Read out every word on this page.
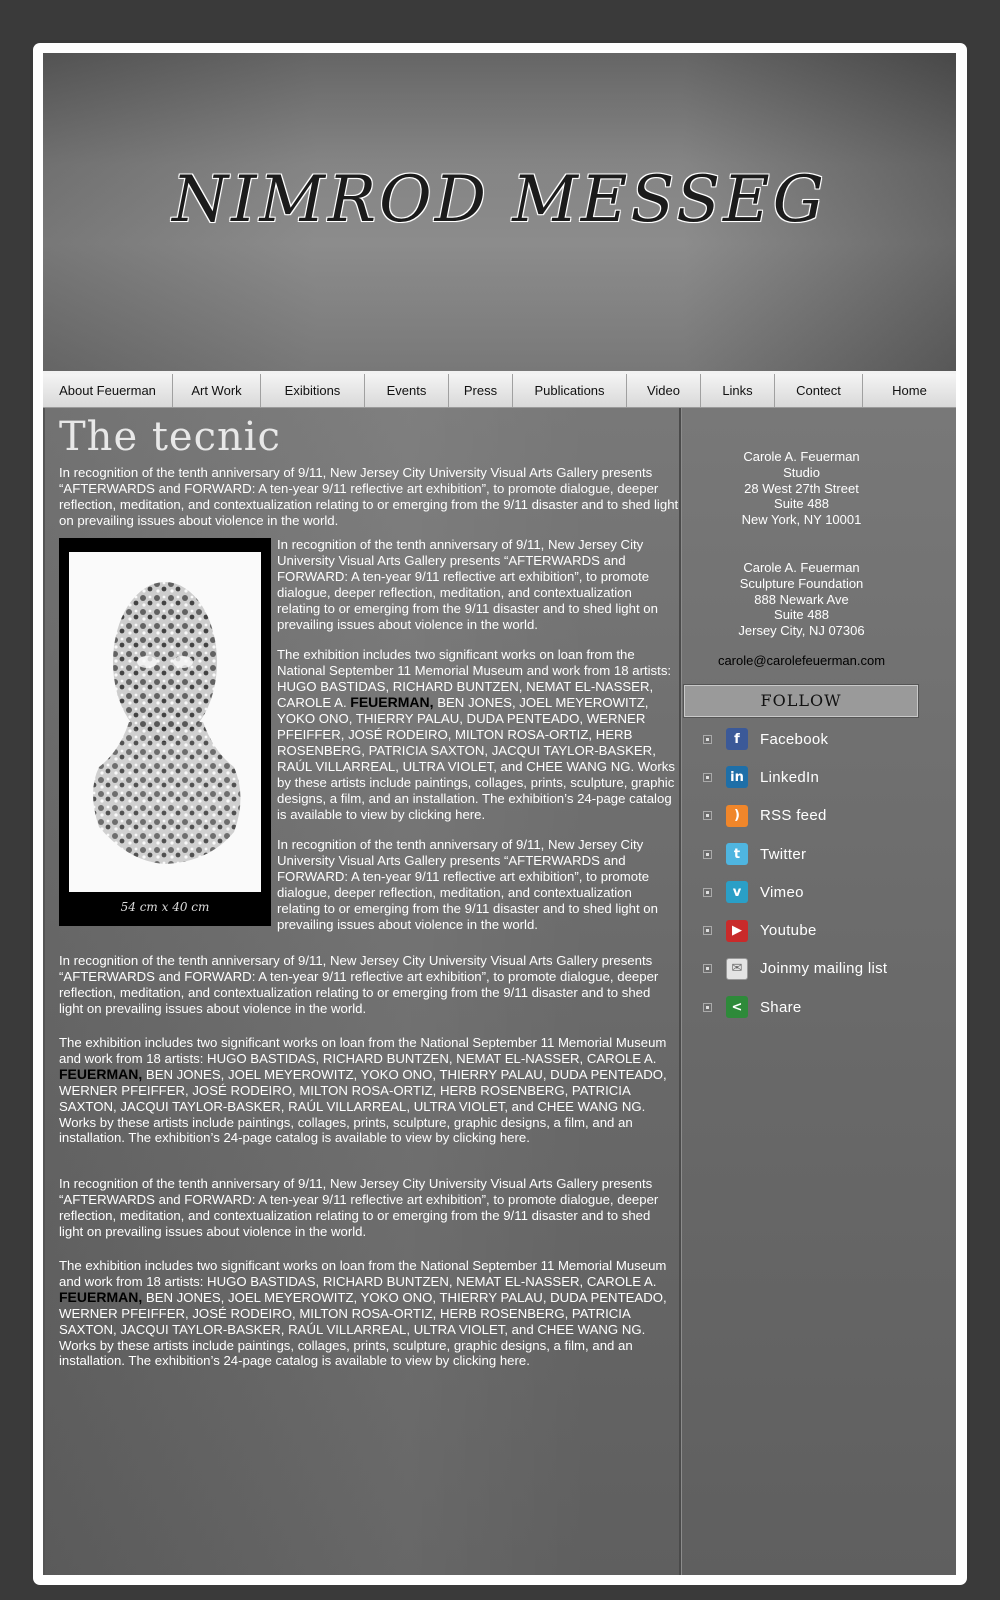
NIMROD MESSEG
About Feuerman	Art Work	Exibitions	Events	Press	Publications	Video	Links	Contect	Home
The tecnic

In recognition of the tenth anniversary of 9/11, New Jersey City University Visual Arts Gallery presents “AFTERWARDS and FORWARD: A ten-year 9/11 reflective art exhibition”, to promote dialogue, deeper reflection, meditation, and contextualization relating to or emerging from the 9/11 disaster and to shed light on prevailing issues about violence in the world.

54 cm x 40 cm

In recognition of the tenth anniversary of 9/11, New Jersey City University Visual Arts Gallery presents “AFTERWARDS and FORWARD: A ten-year 9/11 reflective art exhibition”, to promote dialogue, deeper reflection, meditation, and contextualization relating to or emerging from the 9/11 disaster and to shed light on prevailing issues about violence in the world.

The exhibition includes two significant works on loan from the National September 11 Memorial Museum and work from 18 artists: HUGO BASTIDAS, RICHARD BUNTZEN, NEMAT EL-NASSER, CAROLE A. FEUERMAN, BEN JONES, JOEL MEYEROWITZ, YOKO ONO, THIERRY PALAU, DUDA PENTEADO, WERNER PFEIFFER, JOSÉ RODEIRO, MILTON ROSA-ORTIZ, HERB ROSENBERG, PATRICIA SAXTON, JACQUI TAYLOR-BASKER, RAÚL VILLARREAL, ULTRA VIOLET, and CHEE WANG NG. Works by these artists include paintings, collages, prints, sculpture, graphic designs, a film, and an installation. The exhibition’s 24-page catalog is available to view by clicking here.

In recognition of the tenth anniversary of 9/11, New Jersey City University Visual Arts Gallery presents “AFTERWARDS and FORWARD: A ten-year 9/11 reflective art exhibition”, to promote dialogue, deeper reflection, meditation, and contextualization relating to or emerging from the 9/11 disaster and to shed light on prevailing issues about violence in the world.

In recognition of the tenth anniversary of 9/11, New Jersey City University Visual Arts Gallery presents “AFTERWARDS and FORWARD: A ten-year 9/11 reflective art exhibition”, to promote dialogue, deeper reflection, meditation, and contextualization relating to or emerging from the 9/11 disaster and to shed light on prevailing issues about violence in the world.

The exhibition includes two significant works on loan from the National September 11 Memorial Museum and work from 18 artists: HUGO BASTIDAS, RICHARD BUNTZEN, NEMAT EL-NASSER, CAROLE A. FEUERMAN, BEN JONES, JOEL MEYEROWITZ, YOKO ONO, THIERRY PALAU, DUDA PENTEADO, WERNER PFEIFFER, JOSÉ RODEIRO, MILTON ROSA-ORTIZ, HERB ROSENBERG, PATRICIA SAXTON, JACQUI TAYLOR-BASKER, RAÚL VILLARREAL, ULTRA VIOLET, and CHEE WANG NG. Works by these artists include paintings, collages, prints, sculpture, graphic designs, a film, and an installation. The exhibition’s 24-page catalog is available to view by clicking here.

In recognition of the tenth anniversary of 9/11, New Jersey City University Visual Arts Gallery presents “AFTERWARDS and FORWARD: A ten-year 9/11 reflective art exhibition”, to promote dialogue, deeper reflection, meditation, and contextualization relating to or emerging from the 9/11 disaster and to shed light on prevailing issues about violence in the world.

The exhibition includes two significant works on loan from the National September 11 Memorial Museum and work from 18 artists: HUGO BASTIDAS, RICHARD BUNTZEN, NEMAT EL-NASSER, CAROLE A. FEUERMAN, BEN JONES, JOEL MEYEROWITZ, YOKO ONO, THIERRY PALAU, DUDA PENTEADO, WERNER PFEIFFER, JOSÉ RODEIRO, MILTON ROSA-ORTIZ, HERB ROSENBERG, PATRICIA SAXTON, JACQUI TAYLOR-BASKER, RAÚL VILLARREAL, ULTRA VIOLET, and CHEE WANG NG. Works by these artists include paintings, collages, prints, sculpture, graphic designs, a film, and an installation. The exhibition’s 24-page catalog is available to view by clicking here.

Carole A. Feuerman
Studio
28 West 27th Street
Suite 488
New York, NY 10001
Carole A. Feuerman
Sculpture Foundation
888 Newark Ave
Suite 488
Jersey City, NJ 07306
carole@carolefeuerman.com
FOLLOW
f	Facebook
in LinkedIn
)	RSS feed
t	Twitter
v	Vimeo
▶	Youtube
✉	Joinmy mailing list
<	Share
